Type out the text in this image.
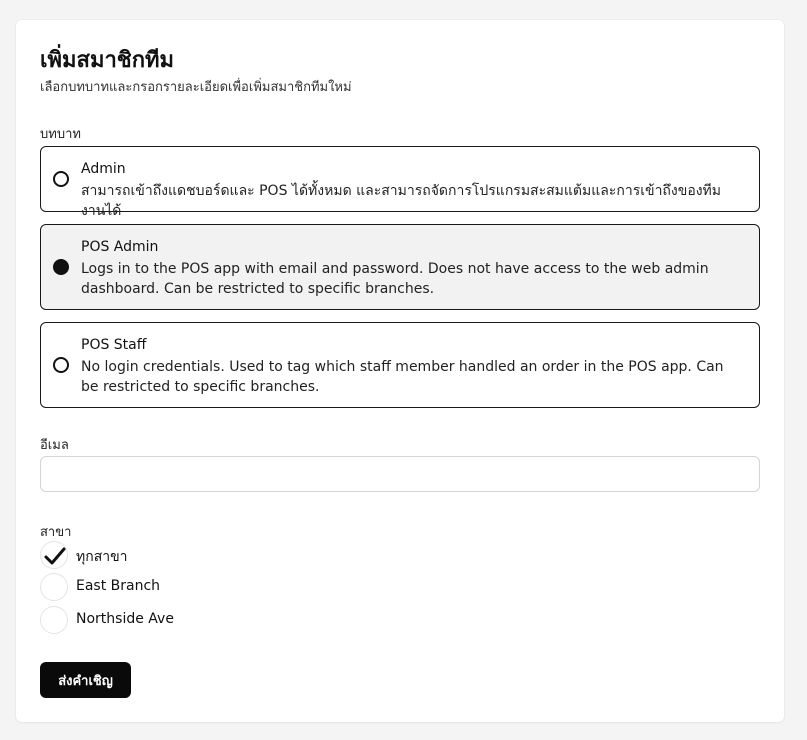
เพิ่มสมาชิกทีม

เลือกบทบาทและกรอกรายละเอียดเพื่อเพิ่มสมาชิกทีมใหม่

บทบาท
Admin
สามารถเข้าถึงแดชบอร์ดและ POS ได้ทั้งหมด และสามารถจัดการโปรแกรมสะสมแต้มและการเข้าถึงของทีมงานได้
POS Admin
Logs in to the POS app with email and password. Does not have access to the web admin dashboard. Can be restricted to specific branches.
POS Staff
No login credentials. Used to tag which staff member handled an order in the POS app. Can be restricted to specific branches.
อีเมล
สาขา
ทุกสาขา
East Branch
Northside Ave
ส่งคำเชิญ
